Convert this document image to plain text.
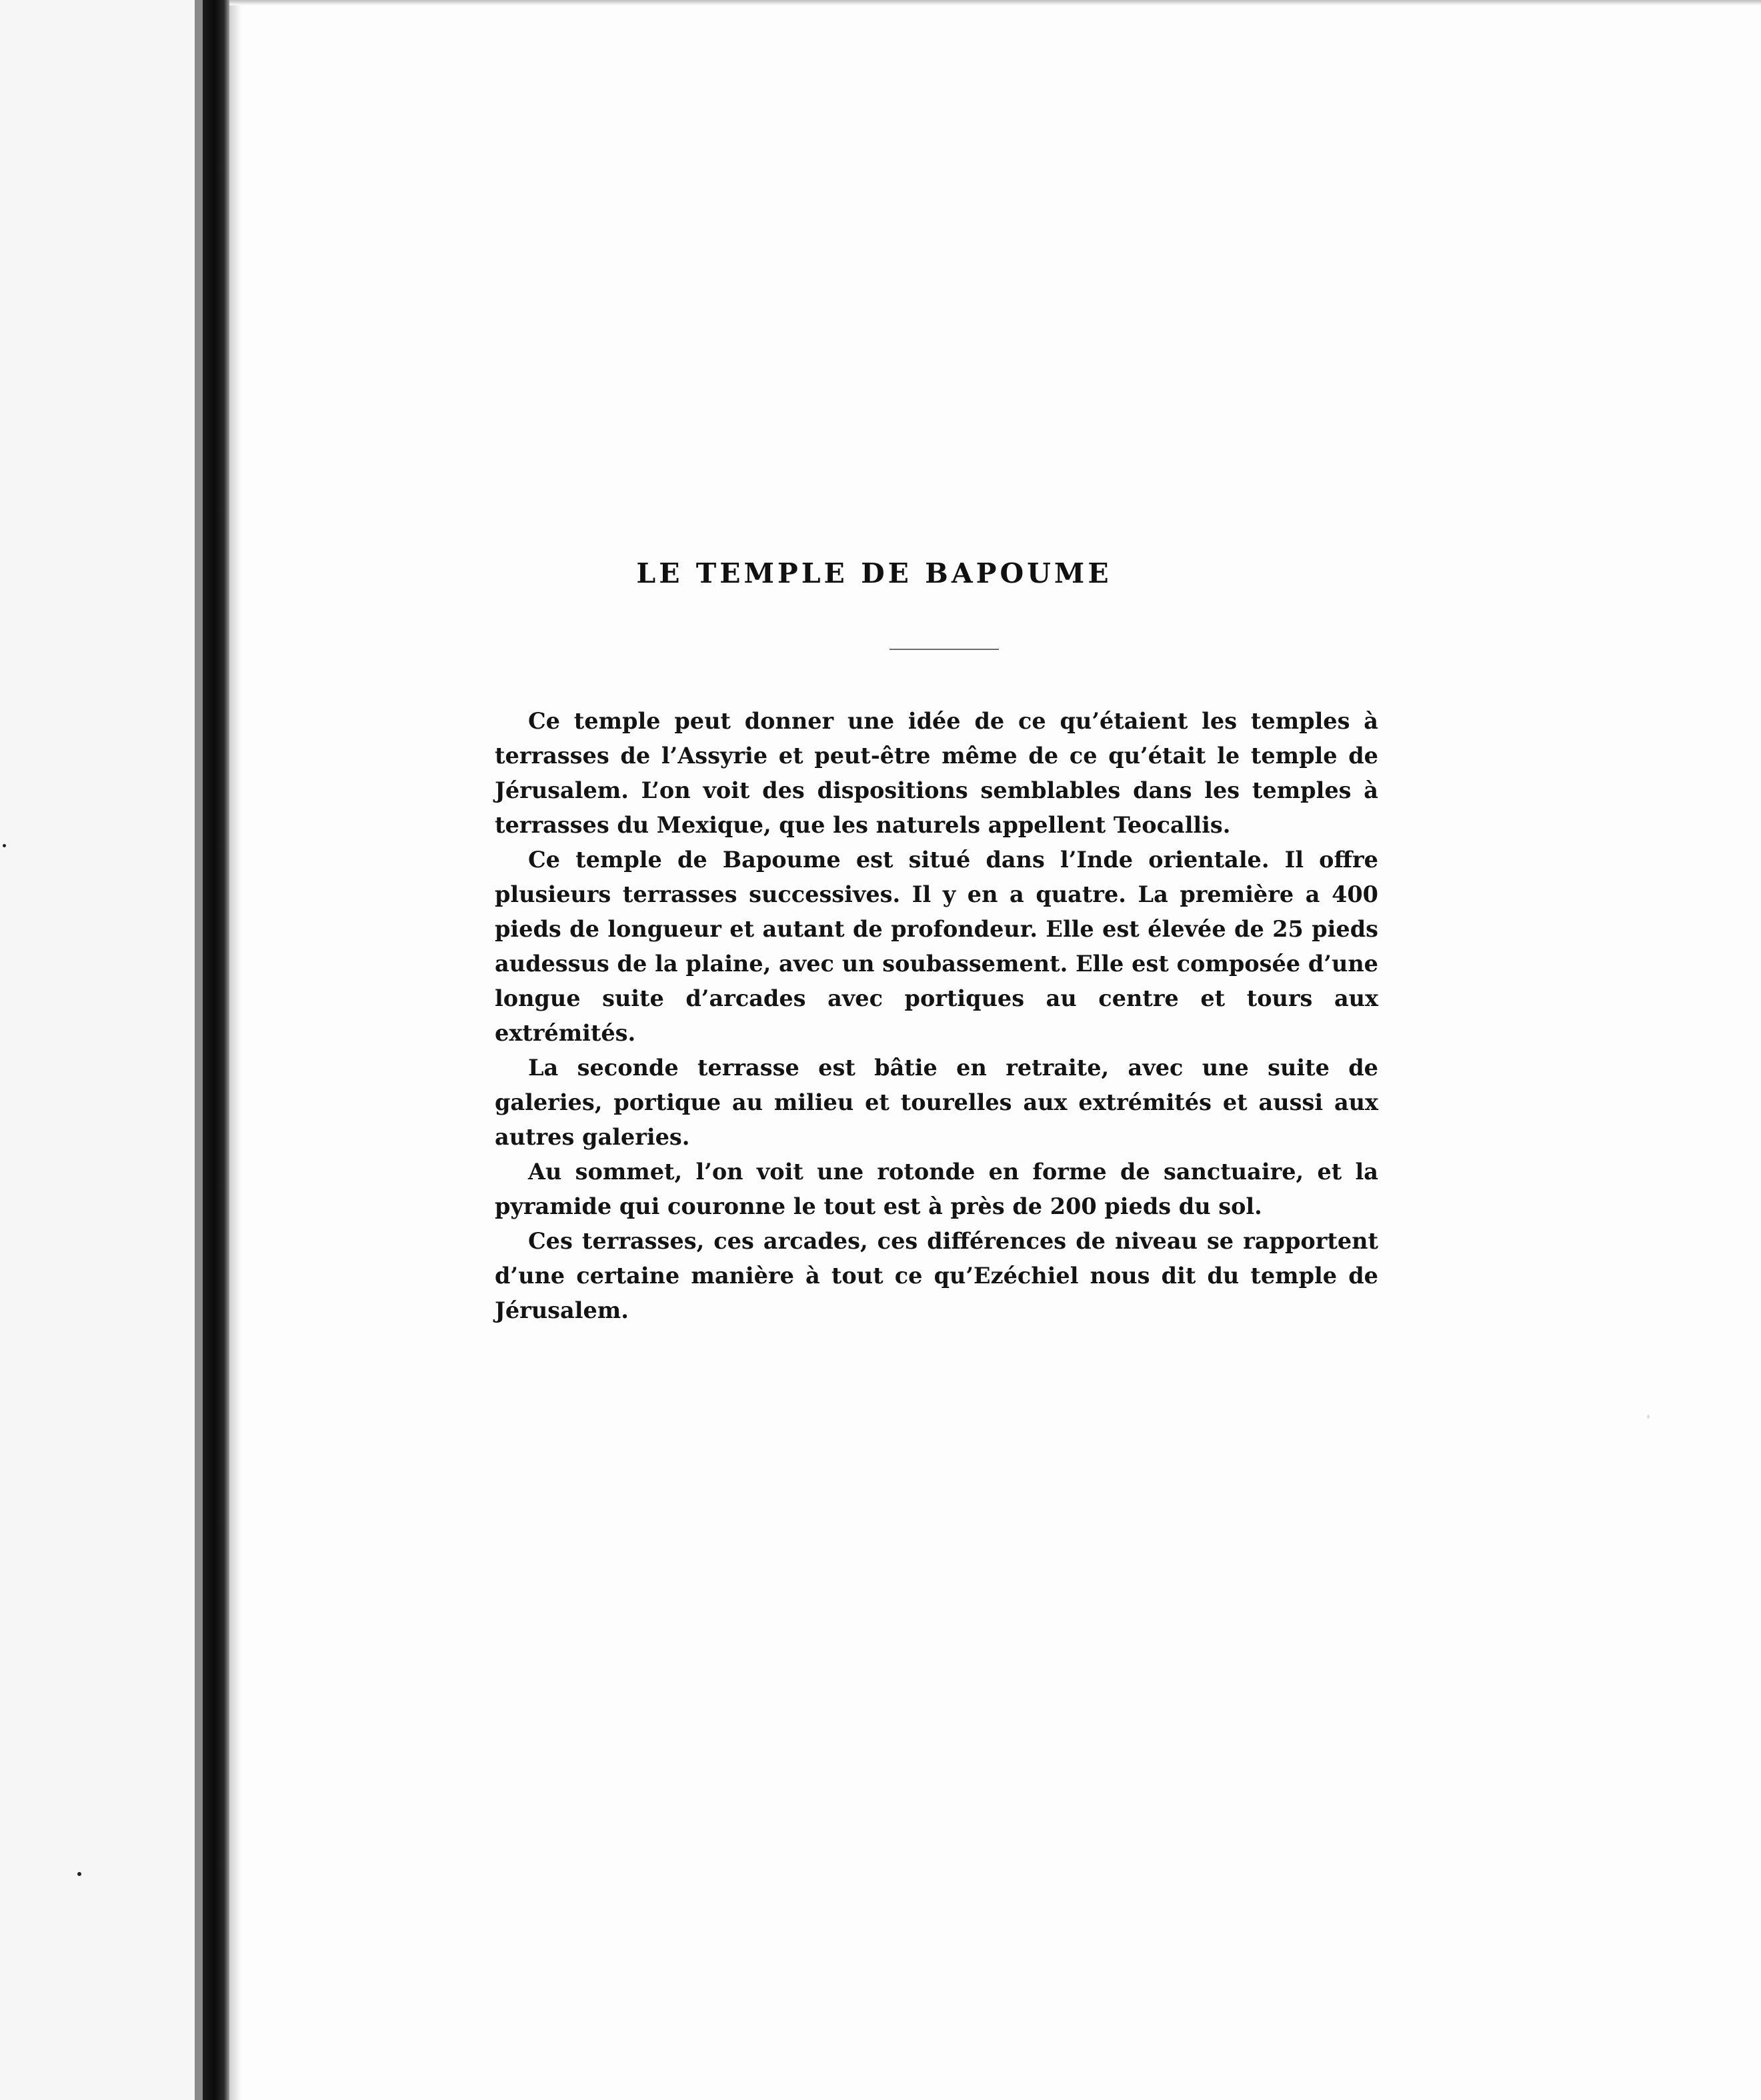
LE TEMPLE DE BAPOUME

Ce temple peut donner une idée de ce qu’étaient les temples à terrasses de l’Assyrie et peut-être même de ce qu’était le temple de Jérusalem. L’on voit des dispositions semblables dans les temples à terrasses du Mexique, que les naturels appellent Teocallis.

Ce temple de Bapoume est situé dans l’Inde orientale. Il offre plusieurs terrasses successives. Il y en a quatre. La première a 400 pieds de longueur et autant de profondeur. Elle est élevée de 25 pieds audessus de la plaine, avec un soubassement. Elle est composée d’une longue suite d’arcades avec portiques au centre et tours aux extrémités.

La seconde terrasse est bâtie en retraite, avec une suite de galeries, portique au milieu et tourelles aux extrémités et aussi aux autres galeries.

Au sommet, l’on voit une rotonde en forme de sanctuaire, et la pyramide qui couronne le tout est à près de 200 pieds du sol.

Ces terrasses, ces arcades, ces différences de niveau se rapportent d’une certaine manière à tout ce qu’Ezéchiel nous dit du temple de Jérusalem.
